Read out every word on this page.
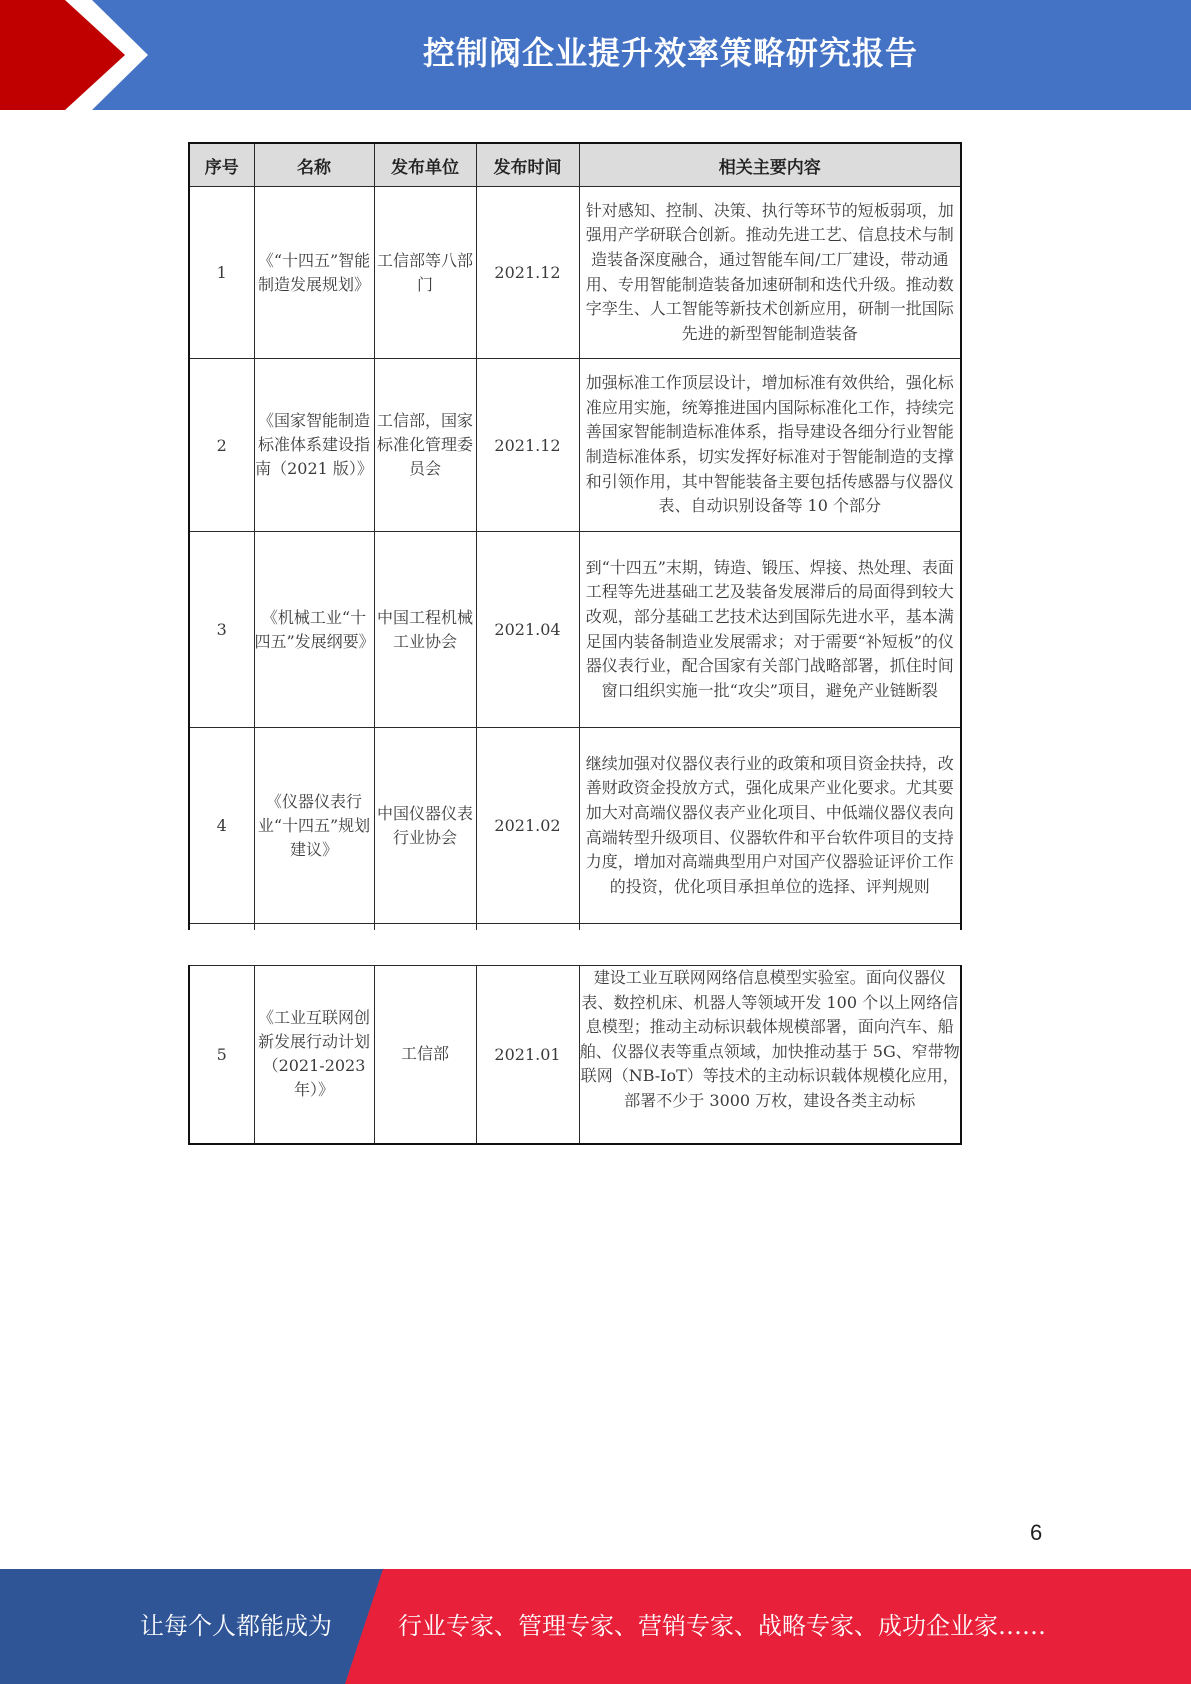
控制阀企业提升效率策略研究报告
序号	名称	发布单位	发布时间	相关主要内容
1	《“十四五”智能制造发展规划》	工信部等八部门	2021.12	针对感知、控制、决策、执行等环节的短板弱项，加强用产学研联合创新。推动先进工艺、信息技术与制造装备深度融合，通过智能车间/工厂建设，带动通用、专用智能制造装备加速研制和迭代升级。推动数字孪生、人工智能等新技术创新应用，研制一批国际先进的新型智能制造装备
2	《国家智能制造标准体系建设指南（2021 版）》	工信部，国家标准化管理委员会	2021.12	加强标准工作顶层设计，增加标准有效供给，强化标准应用实施，统筹推进国内国际标准化工作，持续完善国家智能制造标准体系，指导建设各细分行业智能制造标准体系，切实发挥好标准对于智能制造的支撑和引领作用，其中智能装备主要包括传感器与仪器仪表、自动识别设备等 10 个部分
3	《机械工业“十四五”发展纲要》	中国工程机械工业协会	2021.04	到“十四五”末期，铸造、锻压、焊接、热处理、表面工程等先进基础工艺及装备发展滞后的局面得到较大改观，部分基础工艺技术达到国际先进水平，基本满足国内装备制造业发展需求；对于需要“补短板”的仪器仪表行业，配合国家有关部门战略部署，抓住时间窗口组织实施一批“攻尖”项目，避免产业链断裂
4	《仪器仪表行业“十四五”规划建议》	中国仪器仪表行业协会	2021.02	继续加强对仪器仪表行业的政策和项目资金扶持，改善财政资金投放方式，强化成果产业化要求。尤其要加大对高端仪器仪表产业化项目、中低端仪器仪表向高端转型升级项目、仪器软件和平台软件项目的支持力度，增加对高端典型用户对国产仪器验证评价工作的投资，优化项目承担单位的选择、评判规则

5	《工业互联网创新发展行动计划（2021-2023 年）》	工信部	2021.01	建设工业互联网网络信息模型实验室。面向仪器仪表、数控机床、机器人等领域开发 100 个以上网络信息模型；推动主动标识载体规模部署，面向汽车、船舶、仪器仪表等重点领域，加快推动基于 5G、窄带物联网（NB-IoT）等技术的主动标识载体规模化应用，部署不少于 3000 万枚，建设各类主动标
6
让每个人都能成为	行业专家、管理专家、营销专家、战略专家、成功企业家……
